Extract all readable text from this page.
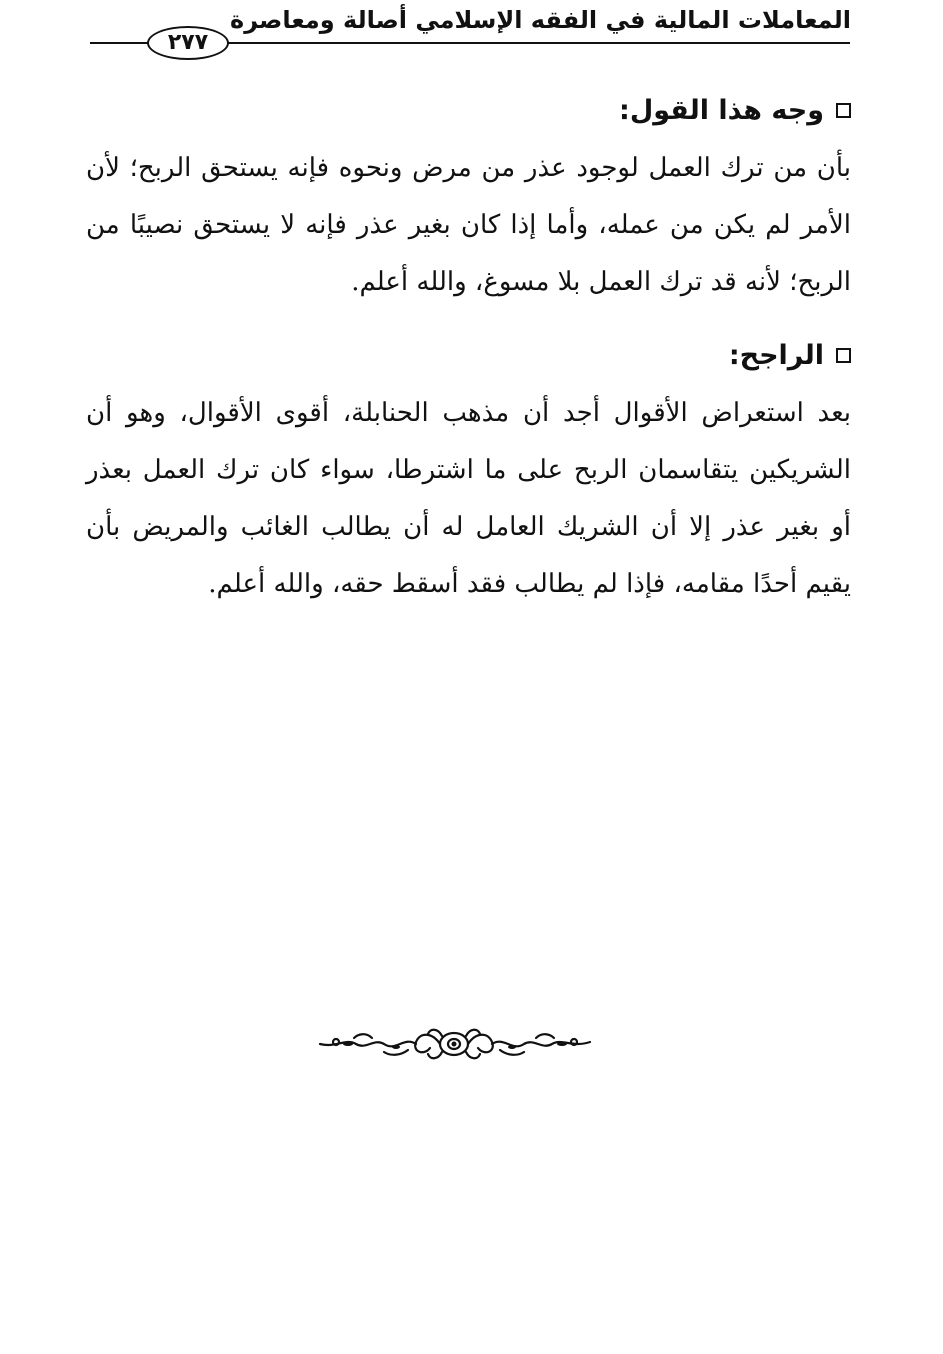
المعاملات المالية في الفقه الإسلامي أصالة ومعاصرة
٢٧٧
وجه هذا القول:

بأن من ترك العمل لوجود عذر من مرض ونحوه فإنه يستحق الربح؛ لأن الأمر لم يكن من عمله، وأما إذا كان بغير عذر فإنه لا يستحق نصيبًا من الربح؛ لأنه قد ترك العمل بلا مسوغ، والله أعلم.

الراجح:

بعد استعراض الأقوال أجد أن مذهب الحنابلة، أقوى الأقوال، وهو أن الشريكين يتقاسمان الربح على ما اشترطا، سواء كان ترك العمل بعذر أو بغير عذر إلا أن الشريك العامل له أن يطالب الغائب والمريض بأن يقيم أحدًا مقامه، فإذا لم يطالب فقد أسقط حقه، والله أعلم.
